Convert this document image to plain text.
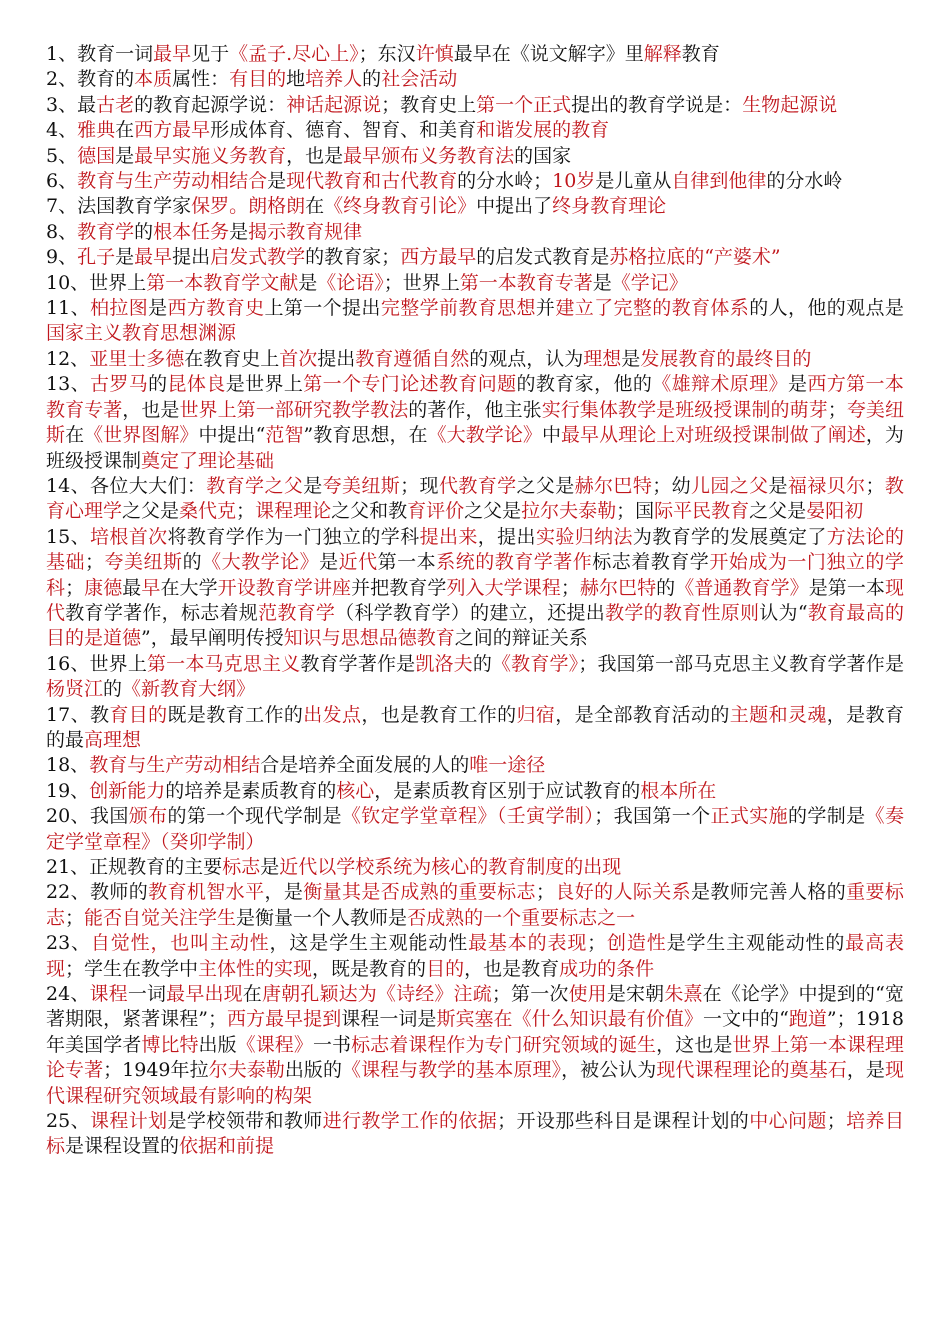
1、教育一词最早见于《孟子.尽心上》；东汉许慎最早在《说文解字》里解释教育
2、教育的本质属性：有目的地培养人的社会活动
3、最古老的教育起源学说：神话起源说；教育史上第一个正式提出的教育学说是：生物起源说
4、雅典在西方最早形成体育、德育、智育、和美育和谐发展的教育
5、德国是最早实施义务教育，也是最早颁布义务教育法的国家
6、教育与生产劳动相结合是现代教育和古代教育的分水岭；10岁是儿童从自律到他律的分水岭
7、法国教育学家保罗。朗格朗在《终身教育引论》中提出了终身教育理论
8、教育学的根本任务是揭示教育规律
9、孔子是最早提出启发式教学的教育家；西方最早的启发式教育是苏格拉底的“产婆术”
10、世界上第一本教育学文献是《论语》；世界上第一本教育专著是《学记》
11、柏拉图是西方教育史上第一个提出完整学前教育思想并建立了完整的教育体系的人，他的观点是国家主义教育思想渊源
12、亚里士多德在教育史上首次提出教育遵循自然的观点，认为理想是发展教育的最终目的
13、古罗马的昆体良是世界上第一个专门论述教育问题的教育家，他的《雄辩术原理》是西方第一本教育专著，也是世界上第一部研究教学教法的著作，他主张实行集体教学是班级授课制的萌芽；夸美纽斯在《世界图解》中提出“范智”教育思想，在《大教学论》中最早从理论上对班级授课制做了阐述，为班级授课制奠定了理论基础
14、各位大大们：教育学之父是夸美纽斯；现代教育学之父是赫尔巴特；幼儿园之父是福禄贝尔；教育心理学之父是桑代克；课程理论之父和教育评价之父是拉尔夫泰勒；国际平民教育之父是晏阳初
15、培根首次将教育学作为一门独立的学科提出来，提出实验归纳法为教育学的发展奠定了方法论的基础；夸美纽斯的《大教学论》是近代第一本系统的教育学著作标志着教育学开始成为一门独立的学科；康德最早在大学开设教育学讲座并把教育学列入大学课程；赫尔巴特的《普通教育学》是第一本现代教育学著作，标志着规范教育学（科学教育学）的建立，还提出教学的教育性原则认为“教育最高的目的是道德”，最早阐明传授知识与思想品德教育之间的辩证关系
16、世界上第一本马克思主义教育学著作是凯洛夫的《教育学》；我国第一部马克思主义教育学著作是杨贤江的《新教育大纲》
17、教育目的既是教育工作的出发点，也是教育工作的归宿，是全部教育活动的主题和灵魂，是教育的最高理想
18、教育与生产劳动相结合是培养全面发展的人的唯一途径
19、创新能力的培养是素质教育的核心，是素质教育区别于应试教育的根本所在
20、我国颁布的第一个现代学制是《钦定学堂章程》（壬寅学制）；我国第一个正式实施的学制是《奏定学堂章程》（癸卯学制）
21、正规教育的主要标志是近代以学校系统为核心的教育制度的出现
22、教师的教育机智水平，是衡量其是否成熟的重要标志；良好的人际关系是教师完善人格的重要标志；能否自觉关注学生是衡量一个人教师是否成熟的一个重要标志之一
23、自觉性，也叫主动性，这是学生主观能动性最基本的表现；创造性是学生主观能动性的最高表现；学生在教学中主体性的实现，既是教育的目的，也是教育成功的条件
24、课程一词最早出现在唐朝孔颖达为《诗经》注疏；第一次使用是宋朝朱熹在《论学》中提到的“宽著期限，紧著课程”；西方最早提到课程一词是斯宾塞在《什么知识最有价值》一文中的“跑道”；1918年美国学者博比特出版《课程》一书标志着课程作为专门研究领域的诞生，这也是世界上第一本课程理论专著；1949年拉尔夫泰勒出版的《课程与教学的基本原理》，被公认为现代课程理论的奠基石，是现代课程研究领域最有影响的构架
25、课程计划是学校领带和教师进行教学工作的依据；开设那些科目是课程计划的中心问题；培养目标是课程设置的依据和前提
